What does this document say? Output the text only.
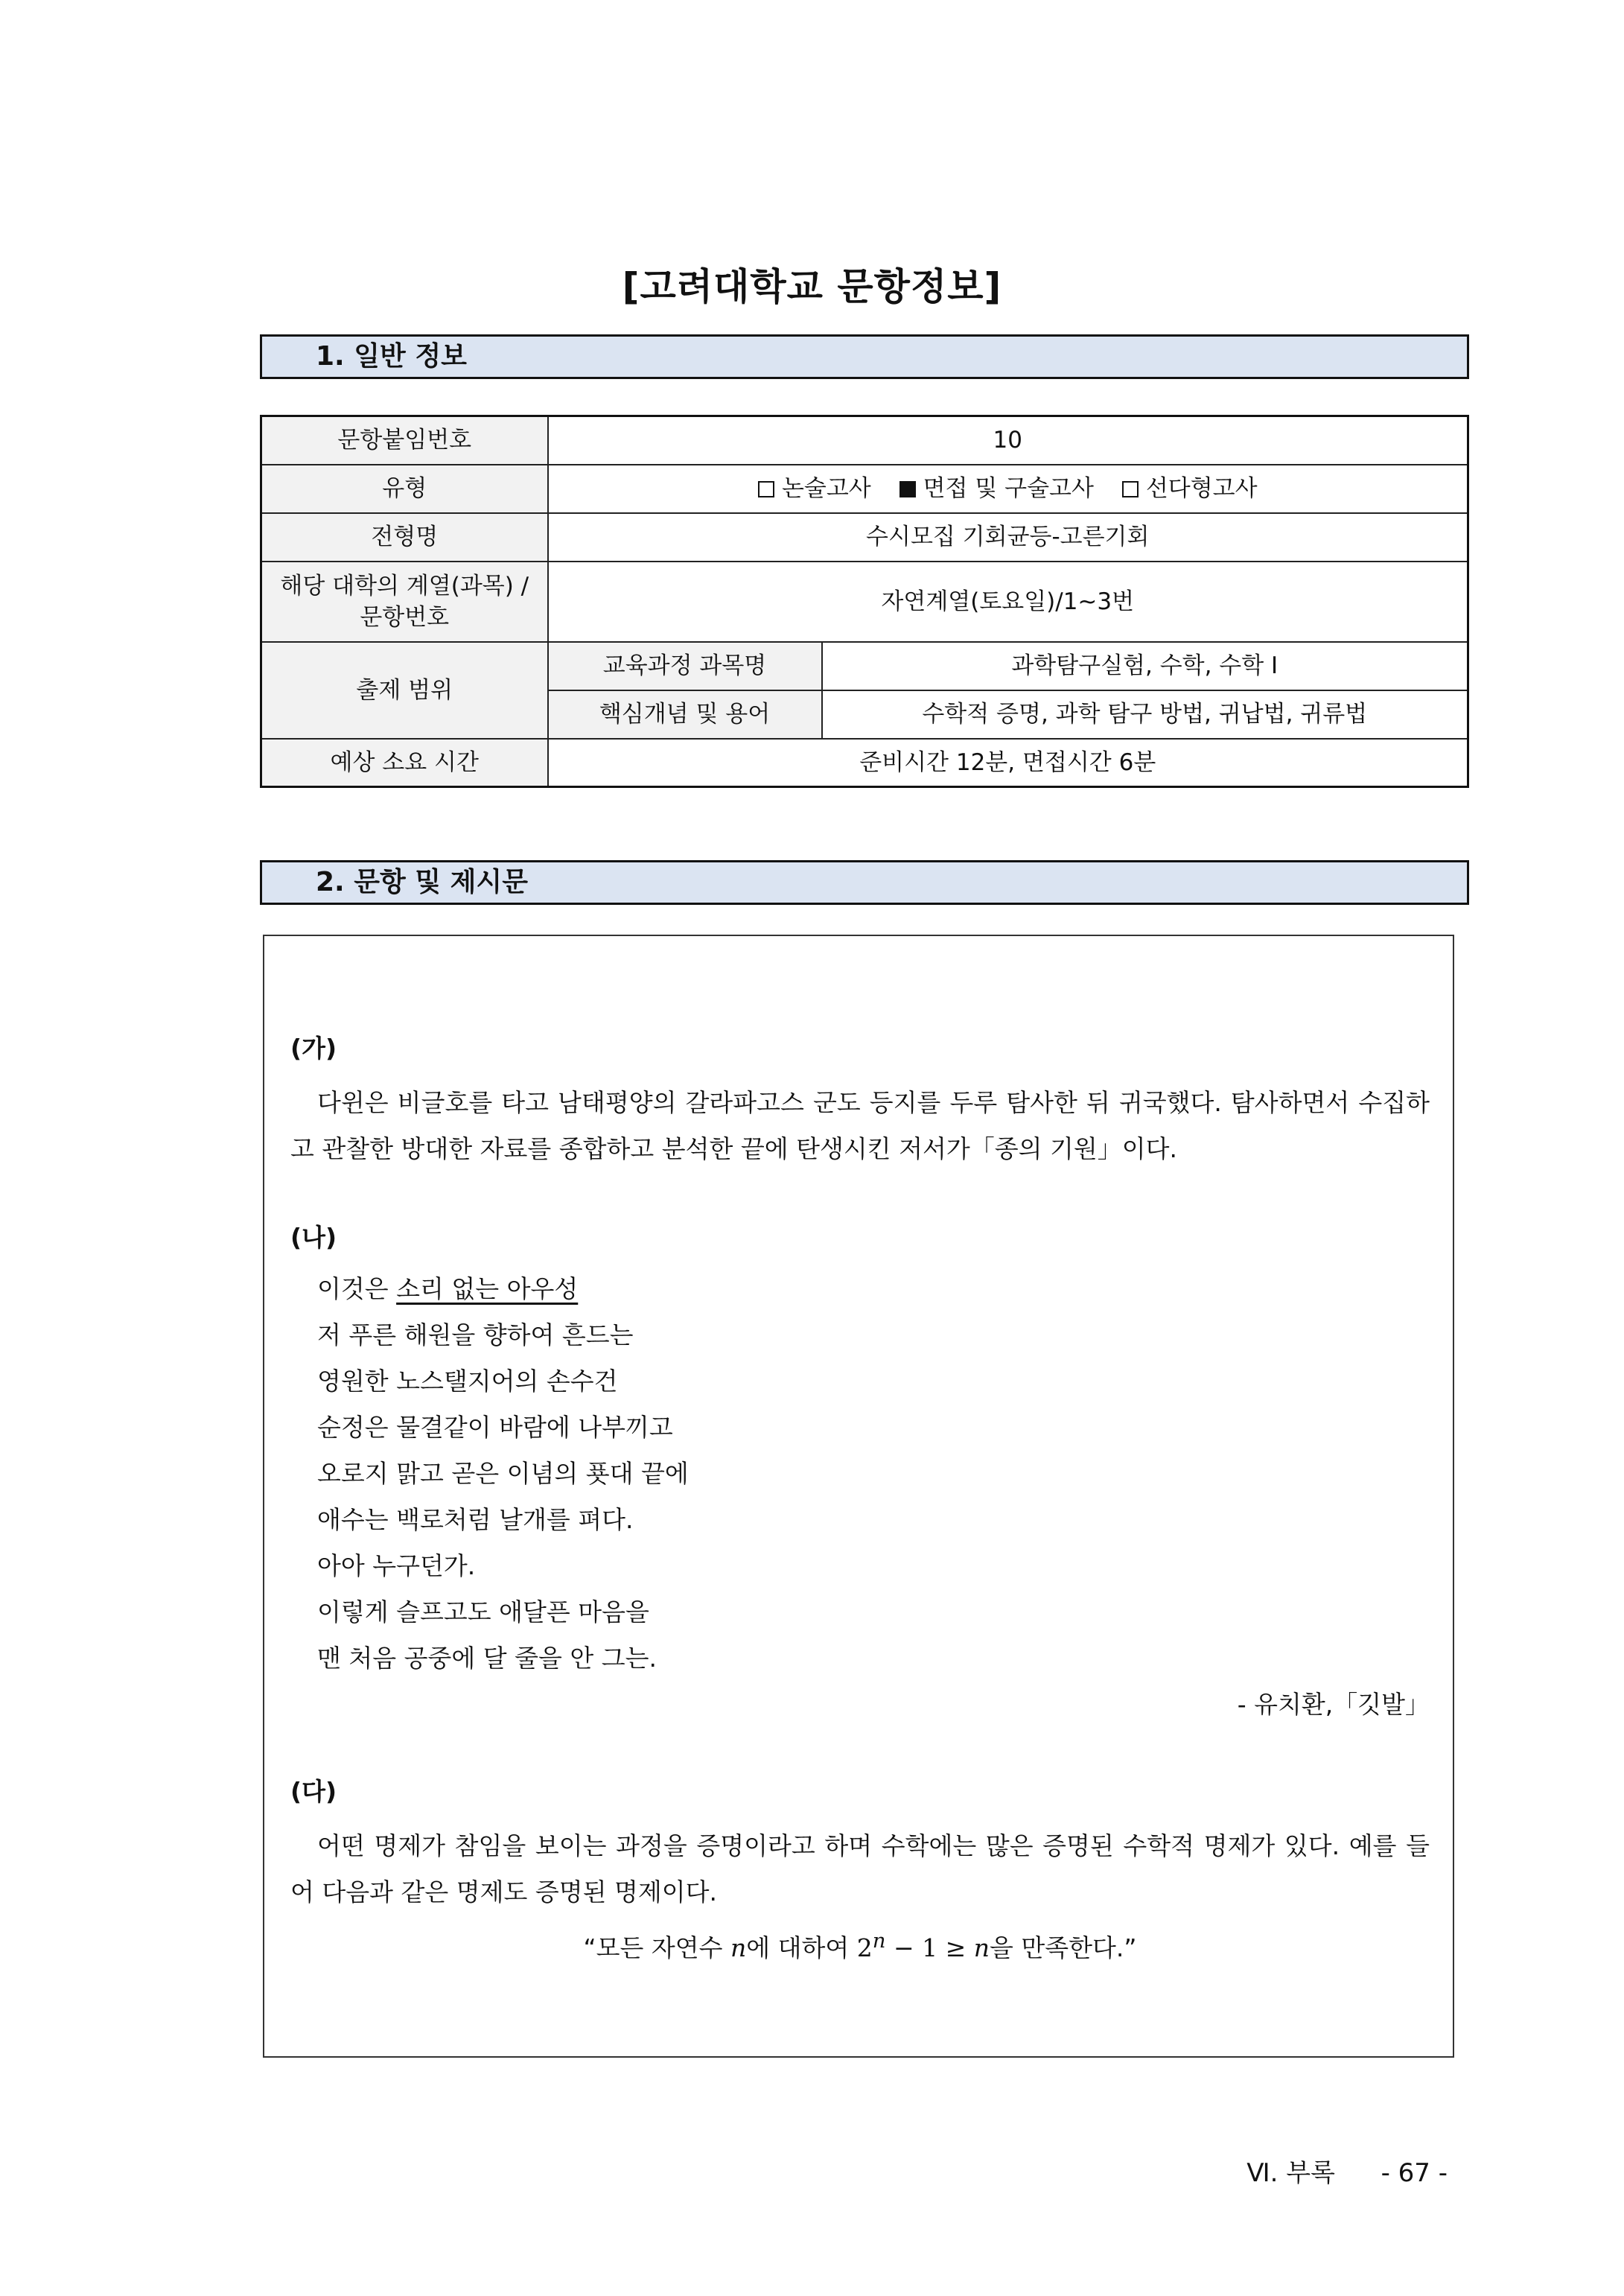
[고려대학교 문항정보]
1. 일반 정보
문항붙임번호	10	
유형	논술고사 면접 및 구술고사 선다형고사	
전형명	수시모집 기회균등-고른기회	

해당 대학의 계열(과목) /
문항번호	자연계열(토요일)/1~3번	
출제 범위	교육과정 과목명	과학탐구실험, 수학, 수학 I
	핵심개념 및 용어	수학적 증명, 과학 탐구 방법, 귀납법, 귀류법
예상 소요 시간	준비시간 12분, 면접시간 6분	
2. 문항 및 제시문
(가)
다윈은 비글호를 타고 남태평양의 갈라파고스 군도 등지를 두루 탐사한 뒤 귀국했다. 탐사하면서 수집하고 관찰한 방대한 자료를 종합하고 분석한 끝에 탄생시킨 저서가「종의 기원」이다.
(나)
이것은 소리 없는 아우성
저 푸른 해원을 향하여 흔드는
영원한 노스탤지어의 손수건
순정은 물결같이 바람에 나부끼고
오로지 맑고 곧은 이념의 푯대 끝에
애수는 백로처럼 날개를 펴다.
아아 누구던가.
이렇게 슬프고도 애달픈 마음을
맨 처음 공중에 달 줄을 안 그는.
- 유치환,「깃발」
(다)
어떤 명제가 참임을 보이는 과정을 증명이라고 하며 수학에는 많은 증명된 수학적 명제가 있다. 예를 들어 다음과 같은 명제도 증명된 명제이다.
“모든 자연수 n에 대하여 $2^n - 1 \ge n$을 만족한다.”
Ⅵ. 부록 - 67 -
